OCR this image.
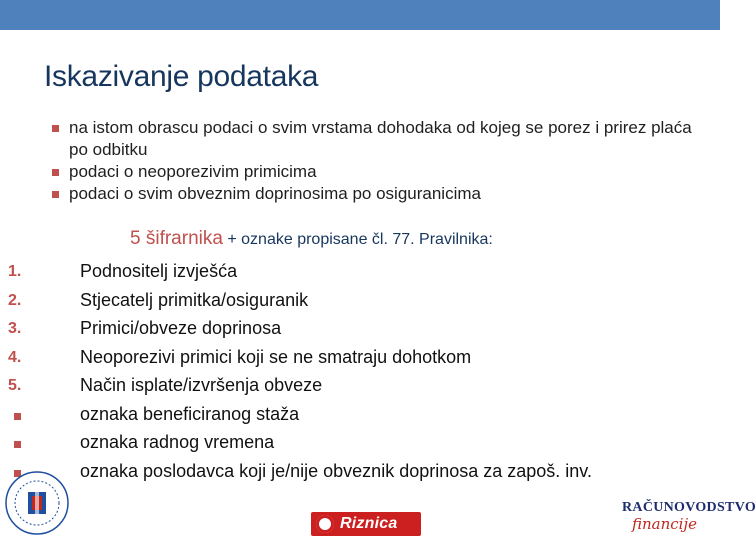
Iskazivanje podataka
na istom obrascu podaci o svim vrstama dohodaka od kojeg se porez i prirez plaća po odbitku
podaci o neoporezivim primicima
podaci o svim obveznim doprinosima po osiguranicima
5 šifrarnika + oznake propisane čl. 77. Pravilnika:
1.	Podnositelj izvješća
2.	Stjecatelj primitka/osiguranik
3.	Primici/obveze doprinosa
4.	Neoporezivi primici koji se ne smatraju dohotkom
5.	Način isplate/izvršenja obveze
oznaka beneficiranog staža
oznaka radnog vremena
oznaka poslodavca koji je/nije obveznik doprinosa za zapoš. inv.
Riznica
RAČUNOVODSTVO
financije
